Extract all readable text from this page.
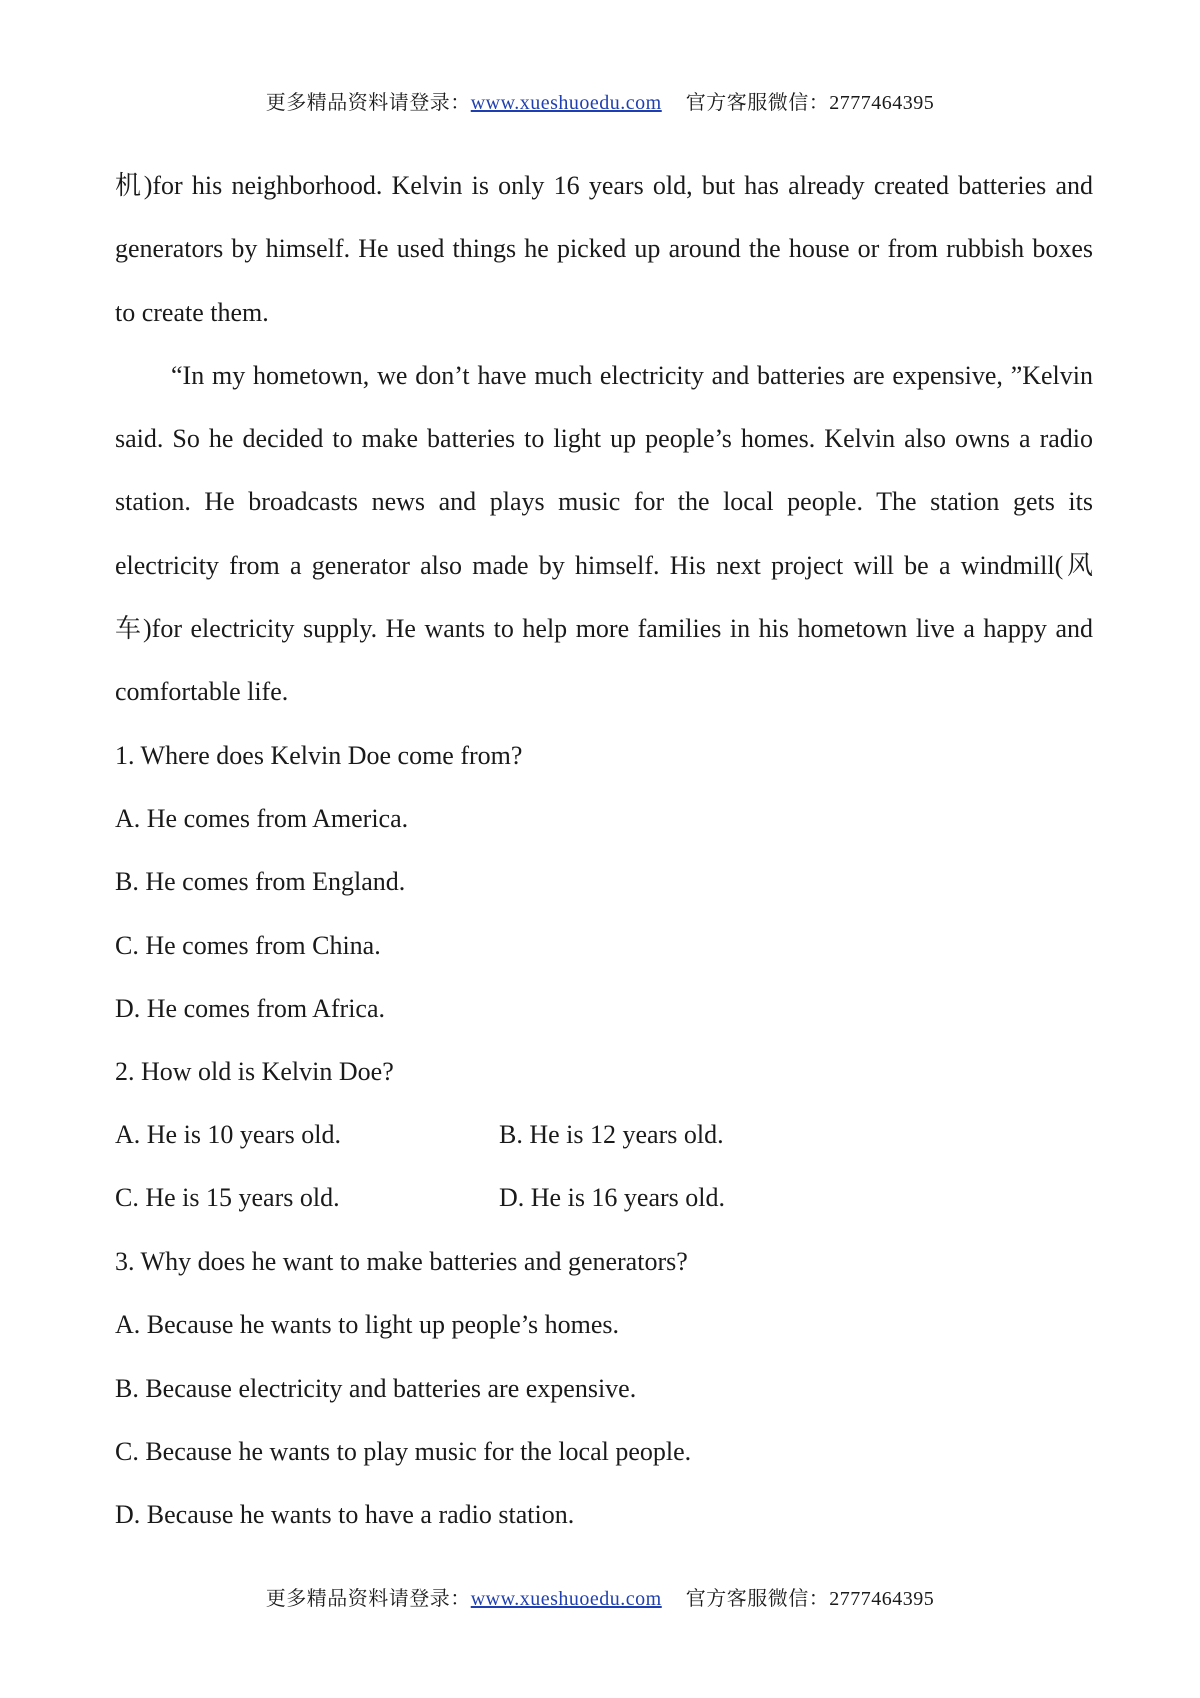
更多精品资料请登录：www.xueshuoedu.com 官方客服微信：2777464395

机)for his neighborhood. Kelvin is only 16 years old, but has already created batteries and generators by himself. He used things he picked up around the house or from rubbish boxes to create them.

“In my hometown, we don’t have much electricity and batteries are expensive, ”Kelvin said. So he decided to make batteries to light up people’s homes. Kelvin also owns a radio station. He broadcasts news and plays music for the local people. The station gets its electricity from a generator also made by himself. His next project will be a windmill(风车)for electricity supply. He wants to help more families in his hometown live a happy and comfortable life.

1. Where does Kelvin Doe come from?

A. He comes from America.

B. He comes from England.

C. He comes from China.

D. He comes from Africa.

2. How old is Kelvin Doe?

A. He is 10 years old.	B. He is 12 years old.
C. He is 15 years old.	D. He is 16 years old.

3. Why does he want to make batteries and generators?

A. Because he wants to light up people’s homes.

B. Because electricity and batteries are expensive.

C. Because he wants to play music for the local people.

D. Because he wants to have a radio station.

更多精品资料请登录：www.xueshuoedu.com 官方客服微信：2777464395
